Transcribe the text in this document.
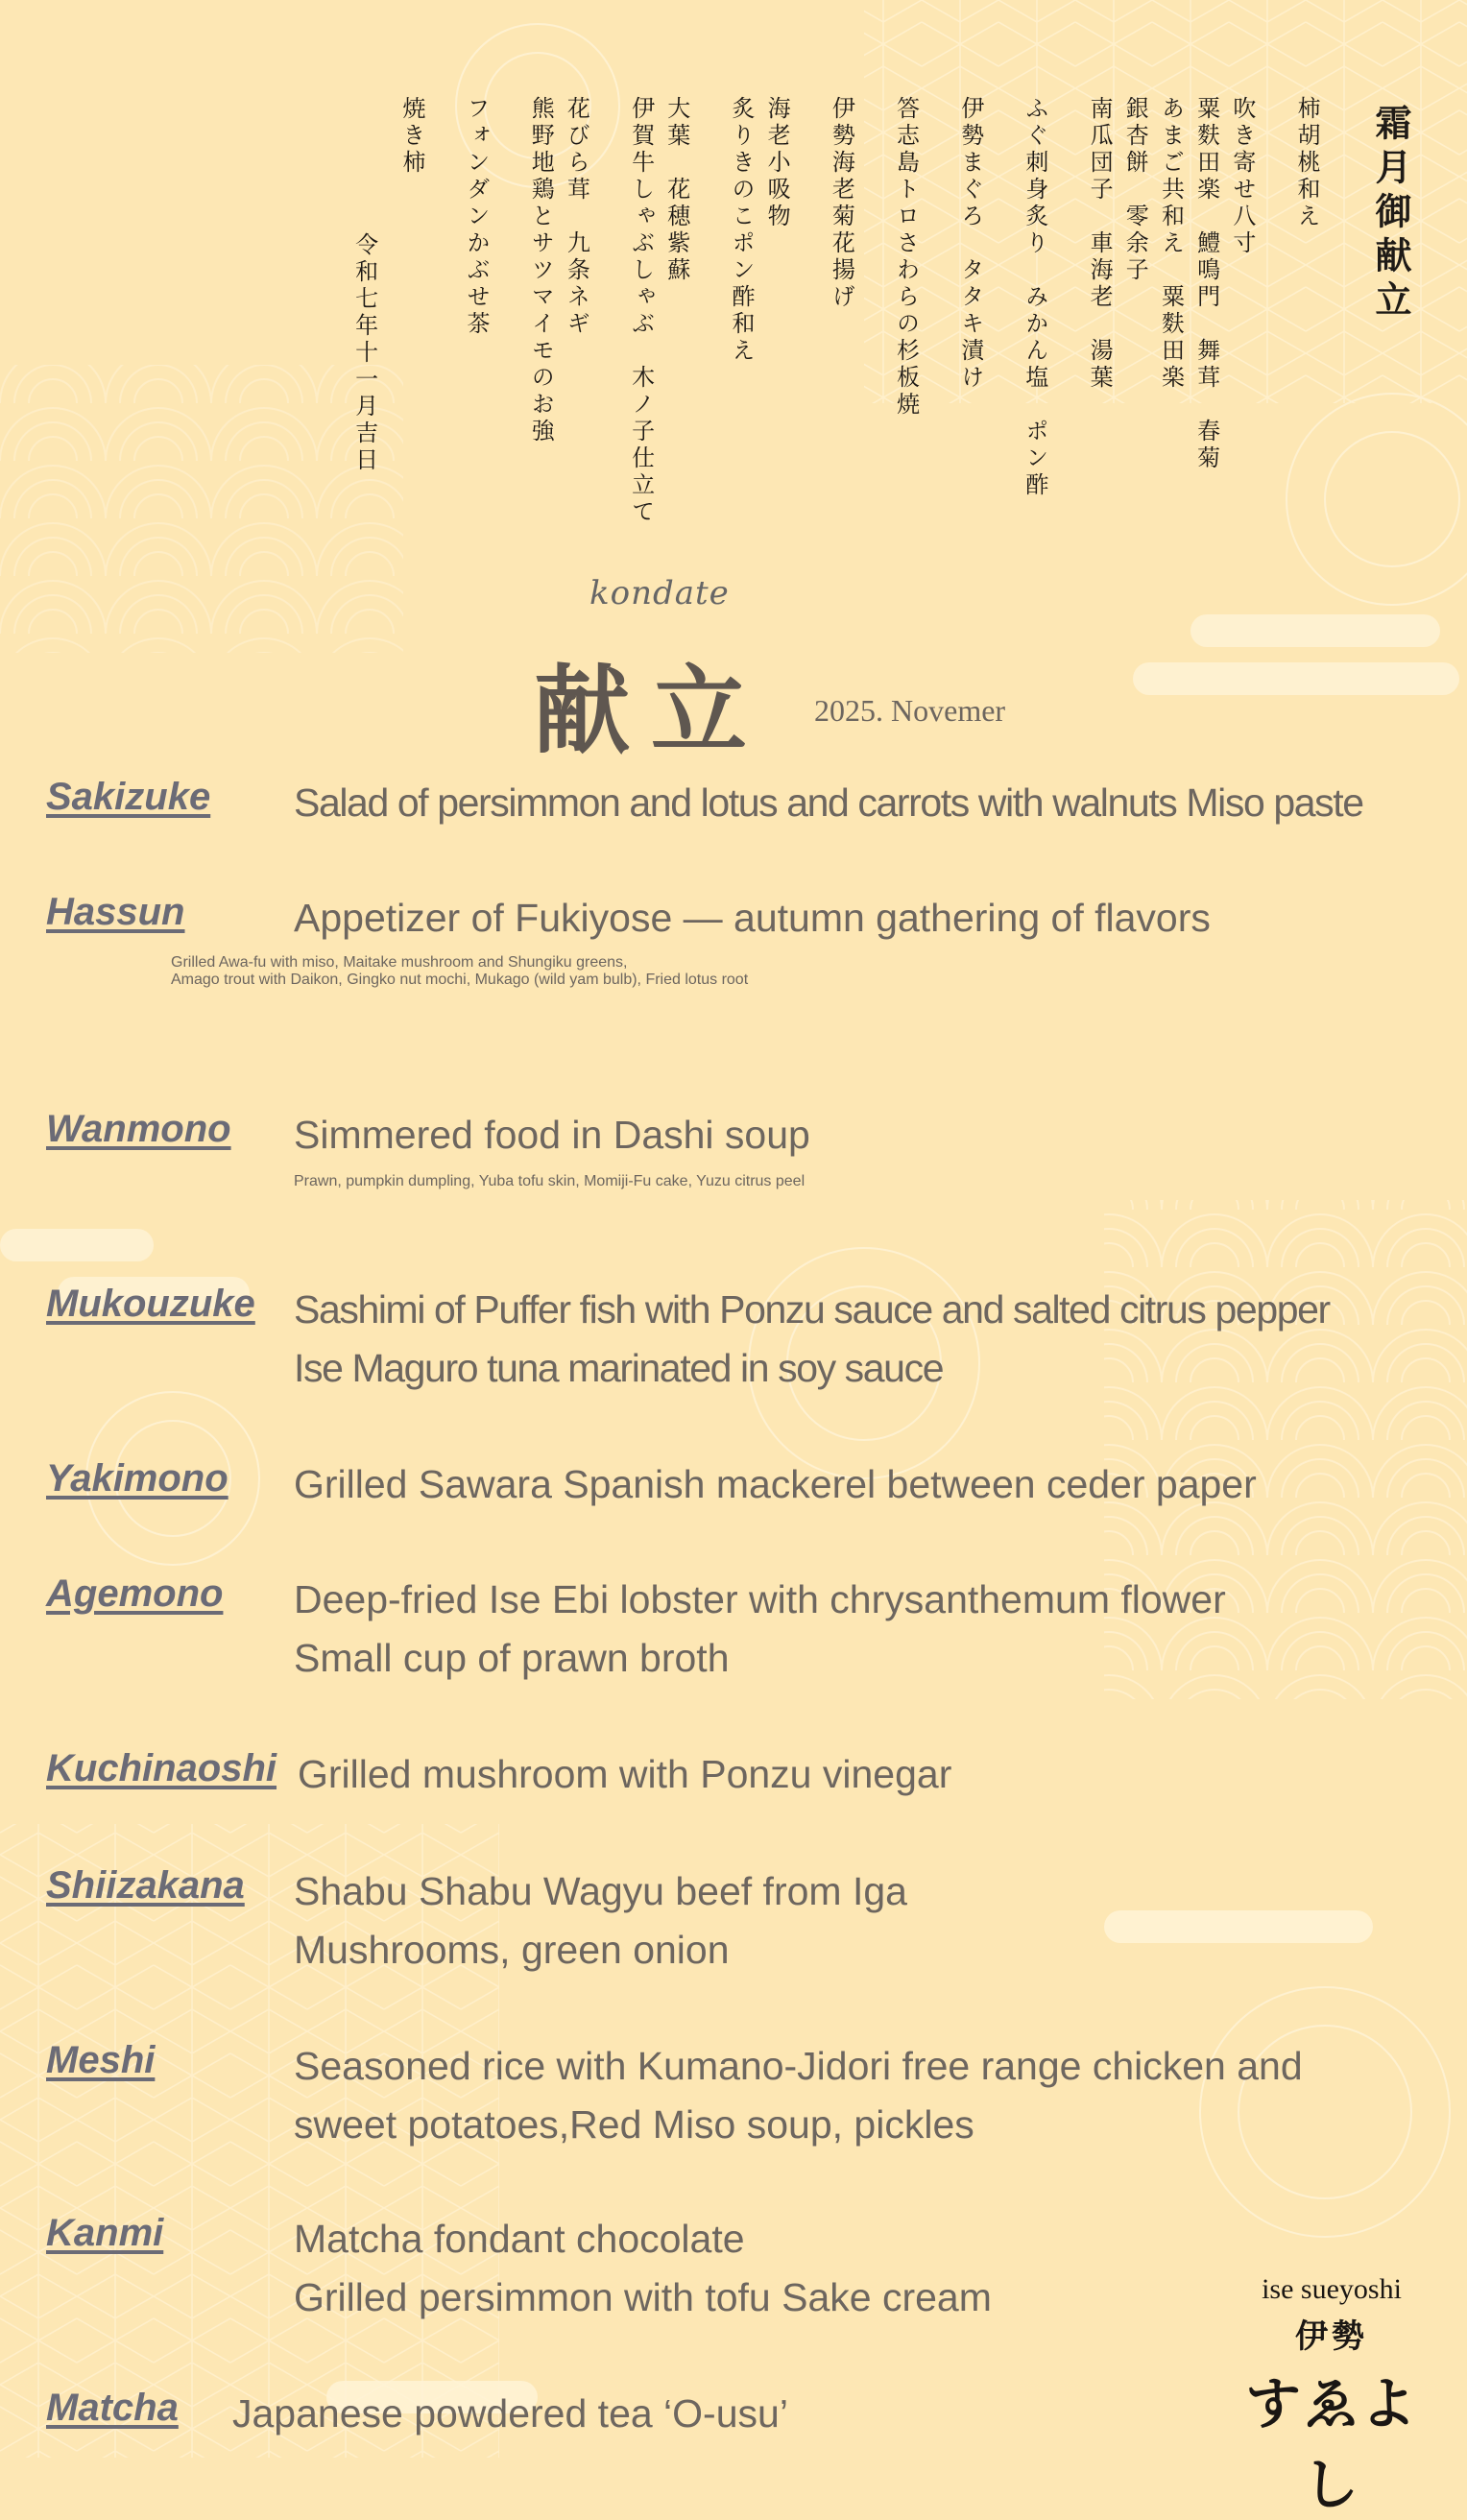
霜月御献立
柿胡桃和え
吹き寄せ八寸
粟麩田楽　鱧鳴門　舞茸　春菊
あまご共和え　粟麩田楽
銀杏餅　零余子
南瓜団子　車海老　湯葉
ふぐ刺身炙り　みかん塩　ポン酢
伊勢まぐろ　タタキ漬け
答志島トロさわらの杉板焼
伊勢海老菊花揚げ
海老小吸物
炙りきのこポン酢和え
大葉　花穂紫蘇
伊賀牛しゃぶしゃぶ　木ノ子仕立て
花びら茸　九条ネギ
熊野地鶏とサツマイモのお強
フォンダンかぶせ茶
焼き柿
令和七年十一月吉日
kondate
献立 2025. Novemer
Sakizuke Salad of persimmon and lotus and carrots with walnuts Miso paste
Hassun	Appetizer of Fukiyose — autumn gathering of flavors
Grilled Awa-fu with miso, Maitake mushroom and Shungiku greens,
Amago trout with Daikon, Gingko nut mochi, Mukago (wild yam bulb), Fried lotus root
Wanmono Simmered food in Dashi soup
Prawn, pumpkin dumpling, Yuba tofu skin, Momiji-Fu cake, Yuzu citrus peel
Mukouzuke Sashimi of Puffer fish with Ponzu sauce and salted citrus pepper
Ise Maguro tuna marinated in soy sauce
Yakimono Grilled Sawara Spanish mackerel between ceder paper
Agemono Deep-fried Ise Ebi lobster with chrysanthemum flower
Small cup of prawn broth
Kuchinaoshi Grilled mushroom with Ponzu vinegar
Shiizakana Shabu Shabu Wagyu beef from Iga
Mushrooms, green onion
Meshi	Seasoned rice with Kumano-Jidori free range chicken and
sweet potatoes,Red Miso soup, pickles
Kanmi	Matcha fondant chocolate
Grilled persimmon with tofu Sake cream
Matcha Japanese powdered tea ‘O-usu’
ise sueyoshi
伊勢
すゑよし
